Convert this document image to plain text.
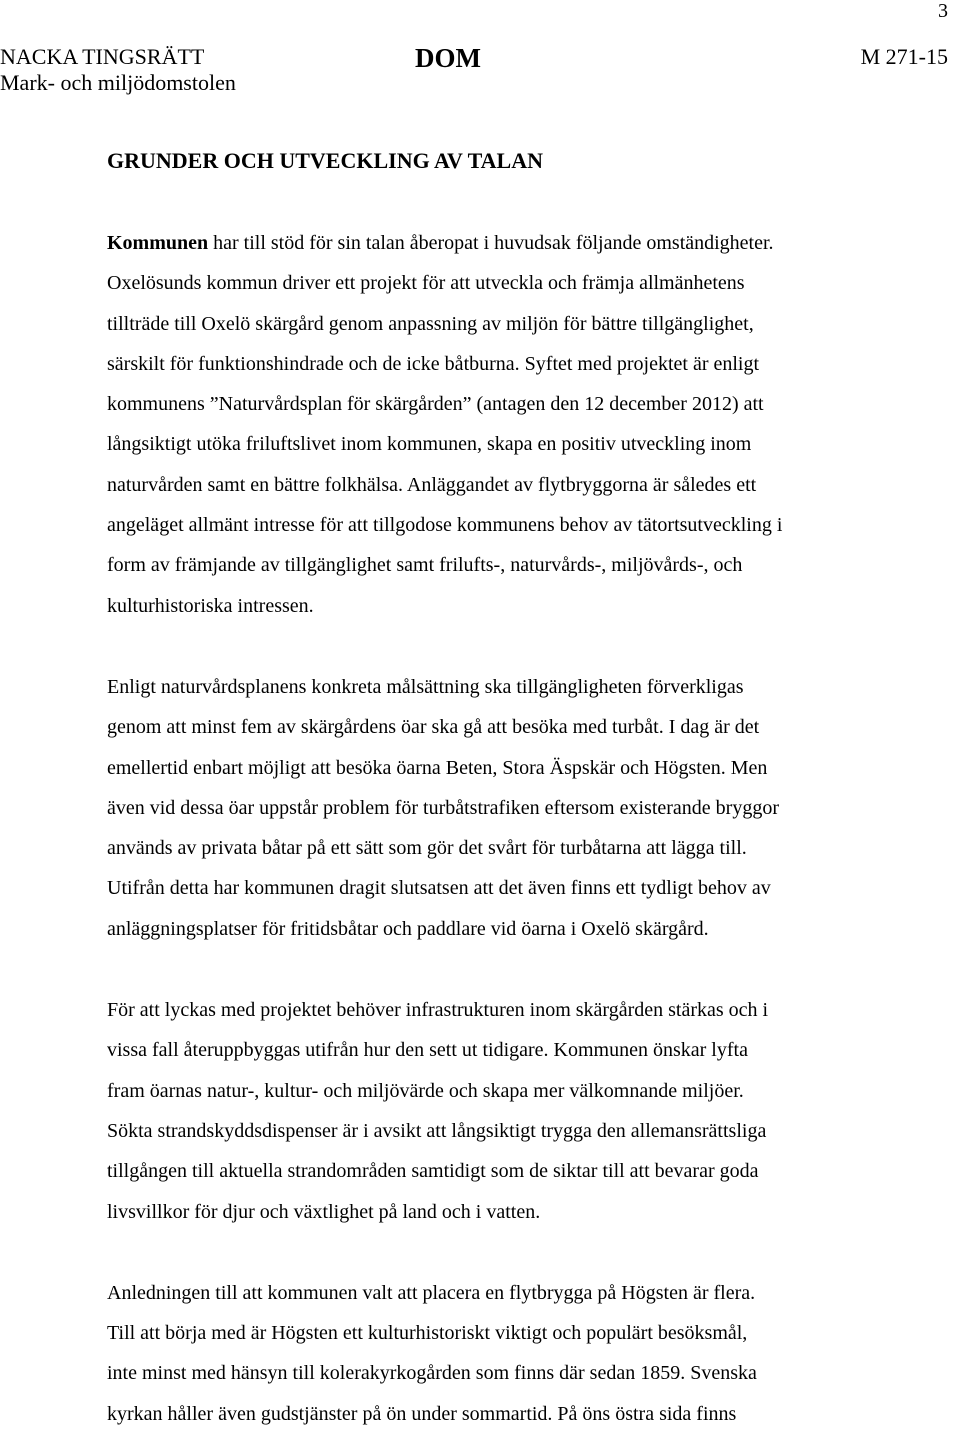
3
NACKA TINGSRÄTT
Mark- och miljödomstolen
DOM	M 271-15
GRUNDER OCH UTVECKLING AV TALAN

Kommunen har till stöd för sin talan åberopat i huvudsak följande omständigheter.
Oxelösunds kommun driver ett projekt för att utveckla och främja allmänhetens
tillträde till Oxelö skärgård genom anpassning av miljön för bättre tillgänglighet,
särskilt för funktionshindrade och de icke båtburna. Syftet med projektet är enligt
kommunens ”Naturvårdsplan för skärgården” (antagen den 12 december 2012) att
långsiktigt utöka friluftslivet inom kommunen, skapa en positiv utveckling inom
naturvården samt en bättre folkhälsa. Anläggandet av flytbryggorna är således ett
angeläget allmänt intresse för att tillgodose kommunens behov av tätortsutveckling i
form av främjande av tillgänglighet samt frilufts-, naturvårds-, miljövårds-, och
kulturhistoriska intressen.

Enligt naturvårdsplanens konkreta målsättning ska tillgängligheten förverkligas
genom att minst fem av skärgårdens öar ska gå att besöka med turbåt. I dag är det
emellertid enbart möjligt att besöka öarna Beten, Stora Äspskär och Högsten. Men
även vid dessa öar uppstår problem för turbåtstrafiken eftersom existerande bryggor
används av privata båtar på ett sätt som gör det svårt för turbåtarna att lägga till.
Utifrån detta har kommunen dragit slutsatsen att det även finns ett tydligt behov av
anläggningsplatser för fritidsbåtar och paddlare vid öarna i Oxelö skärgård.

För att lyckas med projektet behöver infrastrukturen inom skärgården stärkas och i
vissa fall återuppbyggas utifrån hur den sett ut tidigare. Kommunen önskar lyfta
fram öarnas natur-, kultur- och miljövärde och skapa mer välkomnande miljöer.
Sökta strandskyddsdispenser är i avsikt att långsiktigt trygga den allemansrättsliga
tillgången till aktuella strandområden samtidigt som de siktar till att bevarar goda
livsvillkor för djur och växtlighet på land och i vatten.

Anledningen till att kommunen valt att placera en flytbrygga på Högsten är flera.
Till att börja med är Högsten ett kulturhistoriskt viktigt och populärt besöksmål,
inte minst med hänsyn till kolerakyrkogården som finns där sedan 1859. Svenska
kyrkan håller även gudstjänster på ön under sommartid. På öns östra sida finns
